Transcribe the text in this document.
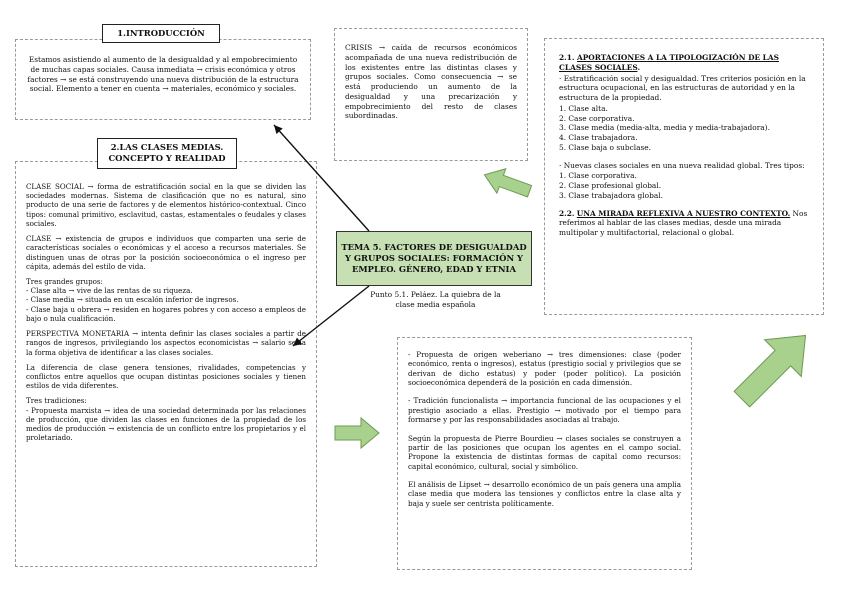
Estamos asistiendo al aumento de la desigualdad y al empobrecimiento de muchas capas sociales. Causa inmediata → crisis económica y otros factores → se está construyendo una nueva distribución de la estructura social. Elemento a tener en cuenta → materiales, económico y sociales.

1.INTRODUCCIÓN

CRISIS → caída de recursos económicos acompañada de una nueva redistribución de los existentes entre las distintas clases y grupos sociales. Como consecuencia → se está produciendo un aumento de la desigualdad y una precarización y empobrecimiento del resto de clases subordinadas.

2.1. APORTACIONES A LA TIPOLOGIZACIÓN DE LAS CLASES SOCIALES.

· Estratificación social y desigualdad. Tres criterios posición en la estructura ocupacional, en las estructuras de autoridad y en la estructura de la propiedad.

1. Clase alta.
2. Case corporativa.
3. Clase media (media-alta, media y media-trabajadora).
4. Clase trabajadora.
5. Clase baja o subclase.

· Nuevas clases sociales en una nueva realidad global. Tres tipos:

1. Clase corporativa.
2. Clase profesional global.
3. Clase trabajadora global.
2.2. UNA MIRADA REFLEXIVA A NUESTRO CONTEXTO. Nos referimos al hablar de las clases medias, desde una mirada multipolar y multifactorial, relacional o global.

CLASE SOCIAL → forma de estratificación social en la que se dividen las sociedades modernas. Sistema de clasificación que no es natural, sino producto de una serie de factores y de elementos histórico-contextual. Cinco tipos: comunal primitivo, esclavitud, castas, estamentales o feudales y clases sociales.

CLASE → existencia de grupos e individuos que comparten una serie de características sociales o económicas y el acceso a recursos materiales. Se distinguen unas de otras por la posición socioeconómica o el ingreso per cápita, además del estilo de vida.

Tres grandes grupos:
- Clase alta → vive de las rentas de su riqueza.
- Clase media → situada en un escalón inferior de ingresos.

- Clase baja u obrera → residen en hogares pobres y con acceso a empleos de bajo o nula cualificación.

PERSPECTIVA MONETARIA → intenta definir las clases sociales a partir de rangos de ingresos, privilegiando los aspectos economicistas → salario sería la forma objetiva de identificar a las clases sociales.

La diferencia de clase genera tensiones, rivalidades, competencias y conflictos entre aquellos que ocupan distintas posiciones sociales y tienen estilos de vida diferentes.

Tres tradiciones:

- Propuesta marxista → idea de una sociedad determinada por las relaciones de producción, que dividen las clases en funciones de la propiedad de los medios de producción → existencia de un conflicto entre los propietarios y el proletariado.

2.LAS CLASES MEDIAS.
CONCEPTO Y REALIDAD
TEMA 5. FACTORES DE DESIGUALDAD Y GRUPOS SOCIALES: FORMACIÓN Y EMPLEO. GÉNERO, EDAD Y ETNIA
Punto 5.1. Peláez. La quiebra de la clase media española

- Propuesta de origen weberiano → tres dimensiones: clase (poder económico, renta o ingresos), estatus (prestigio social y privilegios que se derivan de dicho estatus) y poder (poder político). La posición socioeconómica dependerá de la posición en cada dimensión.

- Tradición funcionalista → importancia funcional de las ocupaciones y el prestigio asociado a ellas. Prestigio → motivado por el tiempo para formarse y por las responsabilidades asociadas al trabajo.

Según la propuesta de Pierre Bourdieu → clases sociales se construyen a partir de las posiciones que ocupan los agentes en el campo social. Propone la existencia de distintas formas de capital como recursos: capital económico, cultural, social y simbólico.

El análisis de Lipset → desarrollo económico de un país genera una amplia clase media que modera las tensiones y conflictos entre la clase alta y baja y suele ser centrista políticamente.
